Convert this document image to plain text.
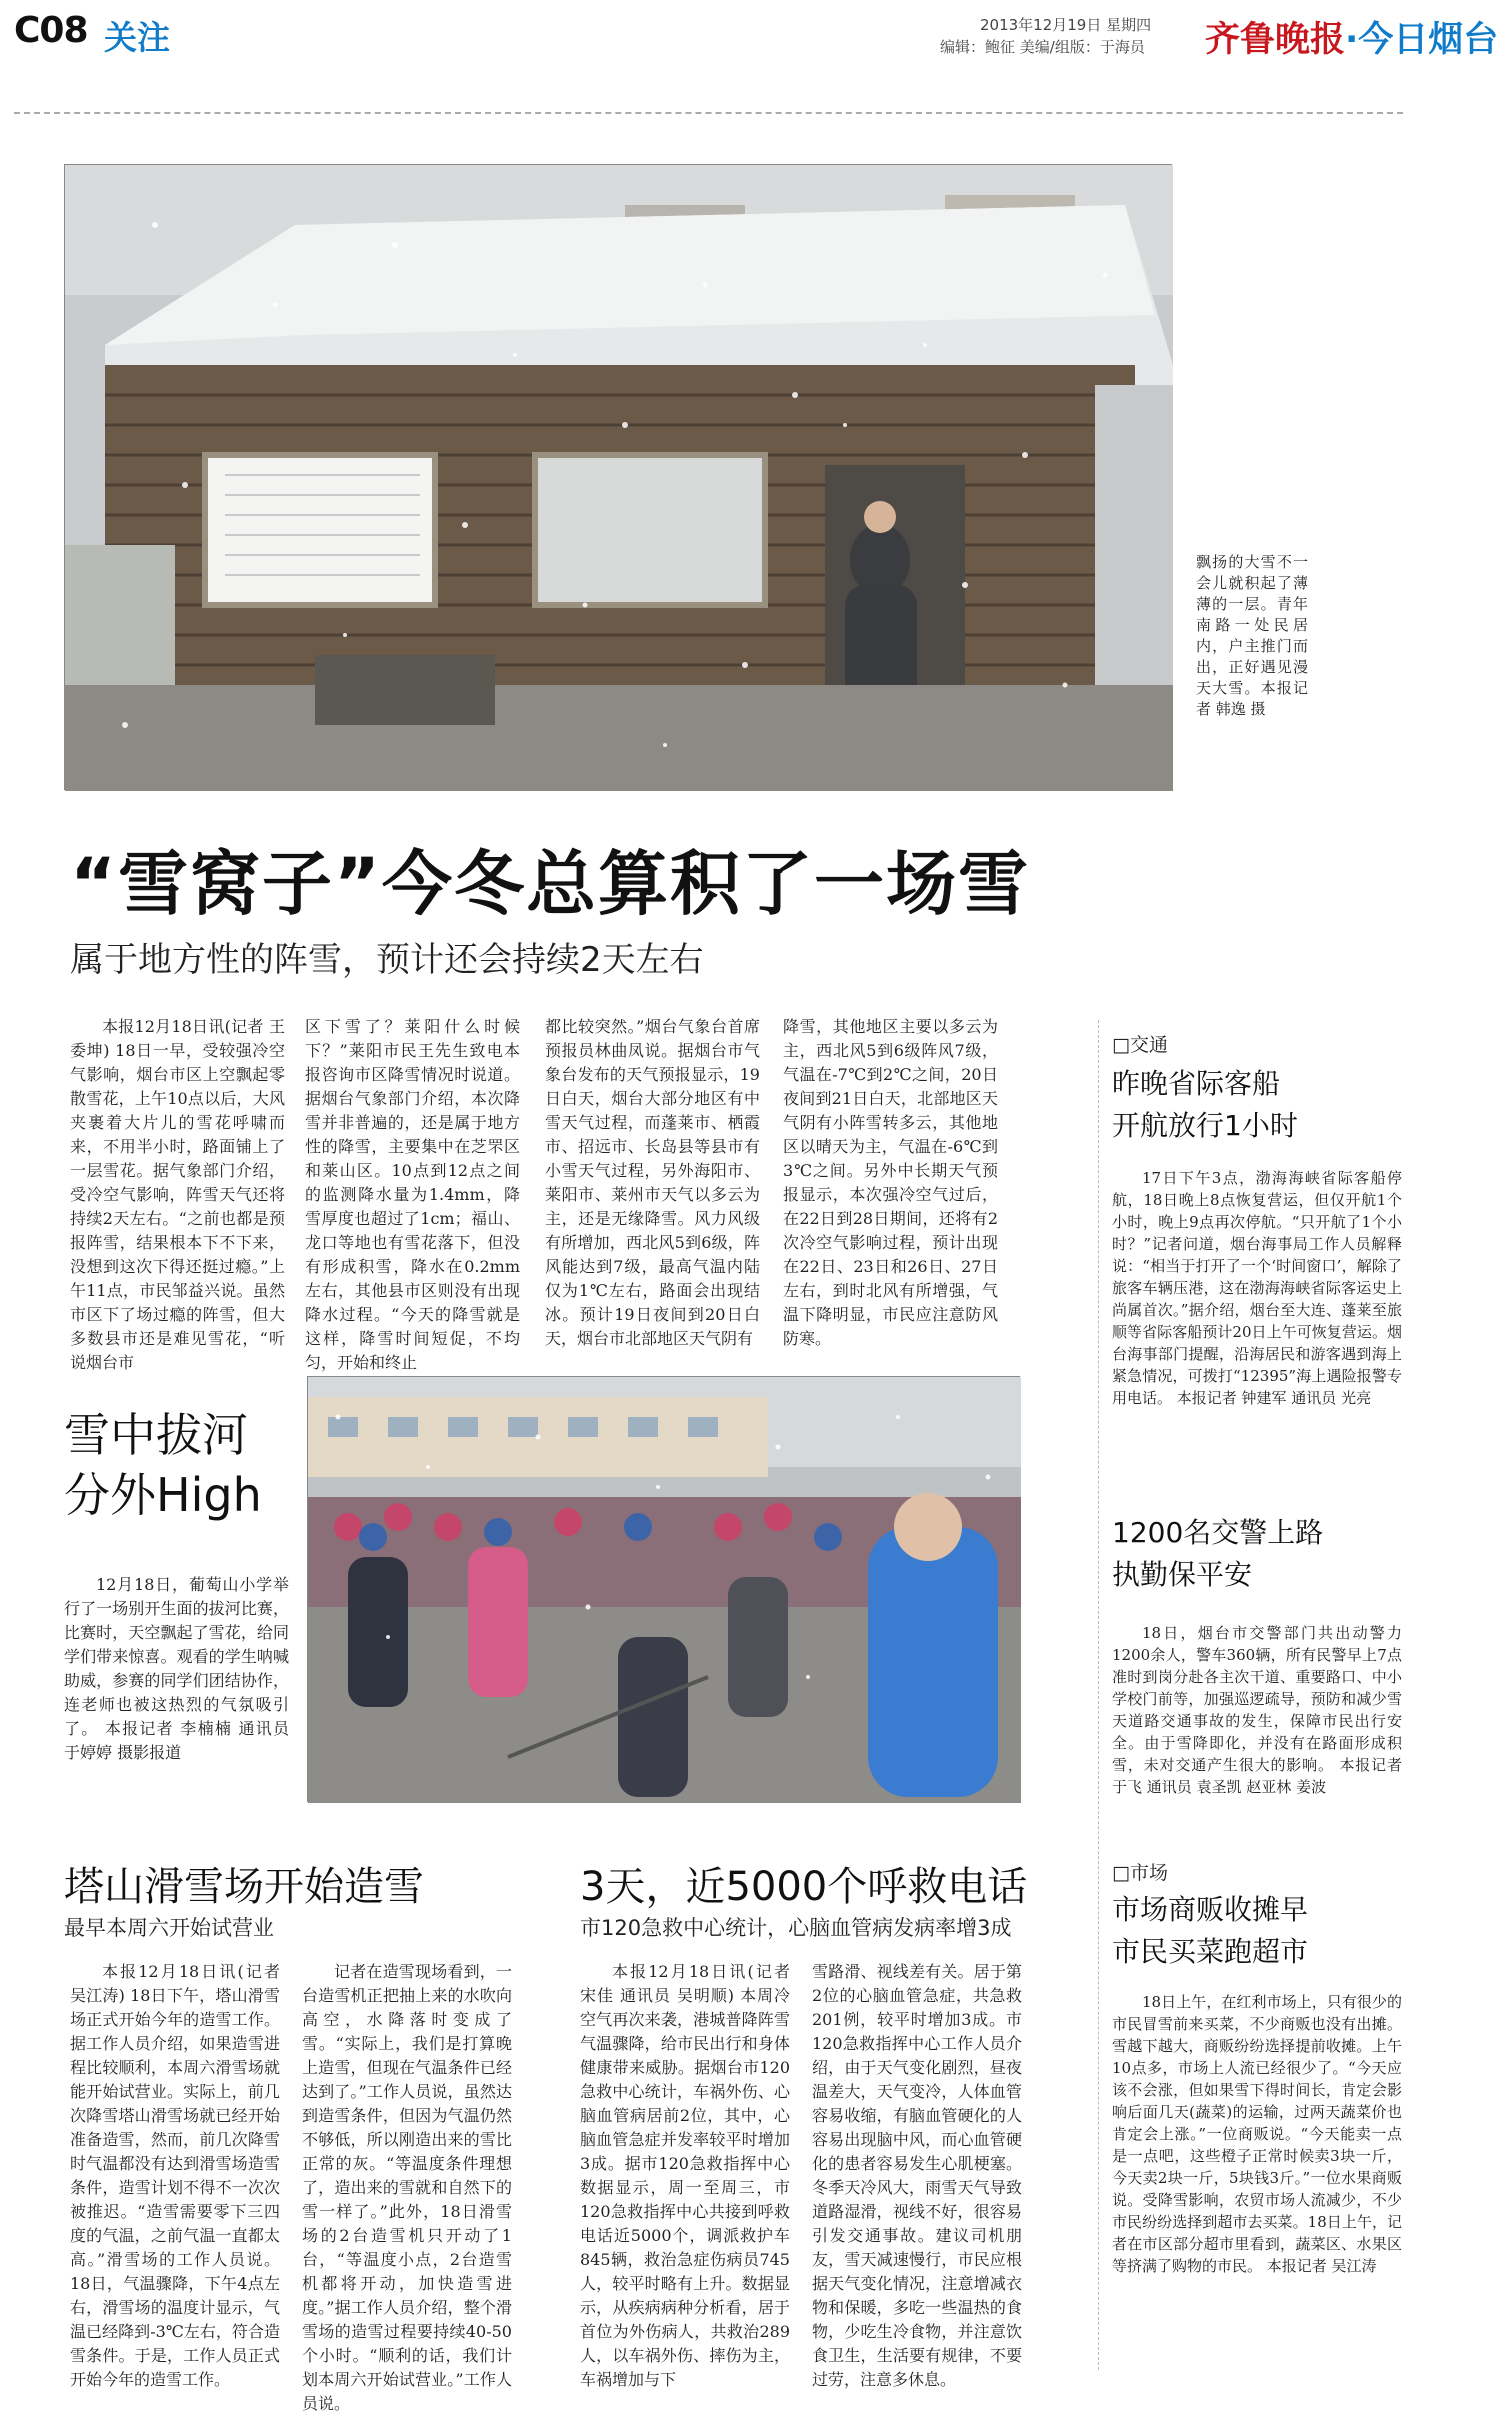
C08 关注	2013年12月19日 星期四
编辑：鲍征 美编/组版：于海员 齐鲁晚报·今日烟台
飘扬的大雪不一会儿就积起了薄薄的一层。青年南路一处民居内，户主推门而出，正好遇见漫天大雪。本报记者 韩逸 摄
“雪窝子”今冬总算积了一场雪
属于地方性的阵雪，预计还会持续2天左右

本报12月18日讯(记者 王委坤) 18日一早，受较强冷空气影响，烟台市区上空飘起零散雪花，上午10点以后，大风夹裹着大片儿的雪花呼啸而来，不用半小时，路面铺上了一层雪花。据气象部门介绍，受冷空气影响，阵雪天气还将持续2天左右。“之前也都是预报阵雪，结果根本下不下来，没想到这次下得还挺过瘾。”上午11点，市民邹益兴说。虽然市区下了场过瘾的阵雪，但大多数县市还是难见雪花，“听说烟台市

区下雪了？莱阳什么时候下？”莱阳市民王先生致电本报咨询市区降雪情况时说道。据烟台气象部门介绍，本次降雪并非普遍的，还是属于地方性的降雪，主要集中在芝罘区和莱山区。10点到12点之间的监测降水量为1.4mm，降雪厚度也超过了1cm；福山、龙口等地也有雪花落下，但没有形成积雪，降水在0.2mm左右，其他县市区则没有出现降水过程。“今天的降雪就是这样，降雪时间短促，不均匀，开始和终止

都比较突然。”烟台气象台首席预报员林曲凤说。据烟台市气象台发布的天气预报显示，19日白天，烟台大部分地区有中雪天气过程，而蓬莱市、栖霞市、招远市、长岛县等县市有小雪天气过程，另外海阳市、莱阳市、莱州市天气以多云为主，还是无缘降雪。风力风级有所增加，西北风5到6级，阵风能达到7级，最高气温内陆仅为1℃左右，路面会出现结冰。预计19日夜间到20日白天，烟台市北部地区天气阴有

降雪，其他地区主要以多云为主，西北风5到6级阵风7级，气温在-7℃到2℃之间，20日夜间到21日白天，北部地区天气阴有小阵雪转多云，其他地区以晴天为主，气温在-6℃到3℃之间。另外中长期天气预报显示，本次强冷空气过后，在22日到28日期间，还将有2次冷空气影响过程，预计出现在22日、23日和26日、27日左右，到时北风有所增强，气温下降明显，市民应注意防风防寒。

雪中拔河
分外High

12月18日，葡萄山小学举行了一场别开生面的拔河比赛，比赛时，天空飘起了雪花，给同学们带来惊喜。观看的学生呐喊助威，参赛的同学们团结协作，连老师也被这热烈的气氛吸引了。 本报记者 李楠楠 通讯员 于婷婷 摄影报道

塔山滑雪场开始造雪
最早本周六开始试营业

本报12月18日讯(记者 吴江涛) 18日下午，塔山滑雪场正式开始今年的造雪工作。据工作人员介绍，如果造雪进程比较顺利，本周六滑雪场就能开始试营业。实际上，前几次降雪塔山滑雪场就已经开始准备造雪，然而，前几次降雪时气温都没有达到滑雪场造雪条件，造雪计划不得不一次次被推迟。“造雪需要零下三四度的气温，之前气温一直都太高。”滑雪场的工作人员说。18日，气温骤降，下午4点左右，滑雪场的温度计显示，气温已经降到-3℃左右，符合造雪条件。于是，工作人员正式开始今年的造雪工作。

记者在造雪现场看到，一台造雪机正把抽上来的水吹向高空，水降落时变成了雪。“实际上，我们是打算晚上造雪，但现在气温条件已经达到了。”工作人员说，虽然达到造雪条件，但因为气温仍然不够低，所以刚造出来的雪比正常的灰。“等温度条件理想了，造出来的雪就和自然下的雪一样了。”此外，18日滑雪场的2台造雪机只开动了1台，“等温度小点，2台造雪机都将开动，加快造雪进度。”据工作人员介绍，整个滑雪场的造雪过程要持续40-50个小时。“顺利的话，我们计划本周六开始试营业。”工作人员说。

3天，近5000个呼救电话
市120急救中心统计，心脑血管病发病率增3成

本报12月18日讯(记者 宋佳 通讯员 吴明顺) 本周冷空气再次来袭，港城普降阵雪气温骤降，给市民出行和身体健康带来威胁。据烟台市120急救中心统计，车祸外伤、心脑血管病居前2位，其中，心脑血管急症并发率较平时增加3成。据市120急救指挥中心数据显示，周一至周三，市120急救指挥中心共接到呼救电话近5000个，调派救护车845辆，救治急症伤病员745人，较平时略有上升。数据显示，从疾病病种分析看，居于首位为外伤病人，共救治289人，以车祸外伤、摔伤为主，车祸增加与下

雪路滑、视线差有关。居于第2位的心脑血管急症，共急救201例，较平时增加3成。市120急救指挥中心工作人员介绍，由于天气变化剧烈，昼夜温差大，天气变冷，人体血管容易收缩，有脑血管硬化的人容易出现脑中风，而心血管硬化的患者容易发生心肌梗塞。冬季天冷风大，雨雪天气导致道路湿滑，视线不好，很容易引发交通事故。建议司机朋友，雪天减速慢行，市民应根据天气变化情况，注意增减衣物和保暖，多吃一些温热的食物，少吃生冷食物，并注意饮食卫生，生活要有规律，不要过劳，注意多休息。

□交通
昨晚省际客船
开航放行1小时

17日下午3点，渤海海峡省际客船停航，18日晚上8点恢复营运，但仅开航1个小时，晚上9点再次停航。“只开航了1个小时？”记者问道，烟台海事局工作人员解释说：“相当于打开了一个‘时间窗口’，解除了旅客车辆压港，这在渤海海峡省际客运史上尚属首次。”据介绍，烟台至大连、蓬莱至旅顺等省际客船预计20日上午可恢复营运。烟台海事部门提醒，沿海居民和游客遇到海上紧急情况，可拨打“12395”海上遇险报警专用电话。 本报记者 钟建军 通讯员 光亮

1200名交警上路
执勤保平安

18日，烟台市交警部门共出动警力1200余人，警车360辆，所有民警早上7点准时到岗分赴各主次干道、重要路口、中小学校门前等，加强巡逻疏导，预防和减少雪天道路交通事故的发生，保障市民出行安全。由于雪降即化，并没有在路面形成积雪，未对交通产生很大的影响。 本报记者 于飞 通讯员 袁圣凯 赵亚林 姜波

□市场
市场商贩收摊早
市民买菜跑超市

18日上午，在红利市场上，只有很少的市民冒雪前来买菜，不少商贩也没有出摊。雪越下越大，商贩纷纷选择提前收摊。上午10点多，市场上人流已经很少了。“今天应该不会涨，但如果雪下得时间长，肯定会影响后面几天(蔬菜)的运输，过两天蔬菜价也肯定会上涨。”一位商贩说。“今天能卖一点是一点吧，这些橙子正常时候卖3块一斤，今天卖2块一斤，5块钱3斤。”一位水果商贩说。受降雪影响，农贸市场人流减少，不少市民纷纷选择到超市去买菜。18日上午，记者在市区部分超市里看到，蔬菜区、水果区等挤满了购物的市民。 本报记者 吴江涛
